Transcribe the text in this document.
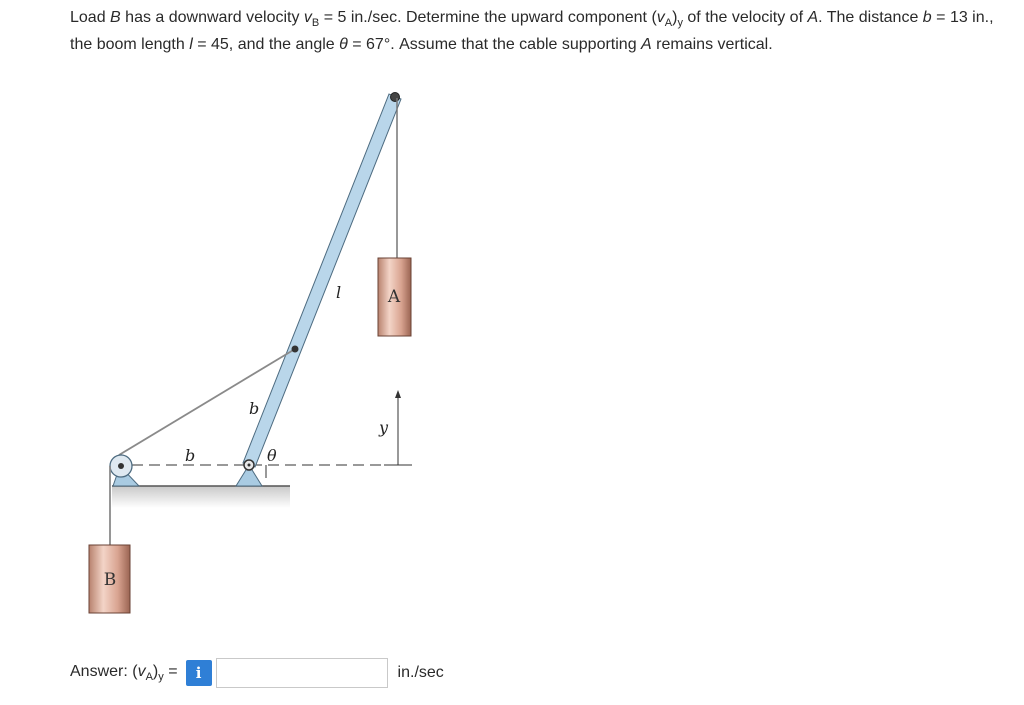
Load B has a downward velocity $v_B = 5$ in./sec. Determine the upward component $(v_A)_y$ of the velocity of A. The distance b = 13 in., the boom length l = 45, and the angle θ = 67°. Assume that the cable supporting A remains vertical.
A
B
l
b
y
b	θ
Answer: $(v_A)_y$ =	i	in./sec
